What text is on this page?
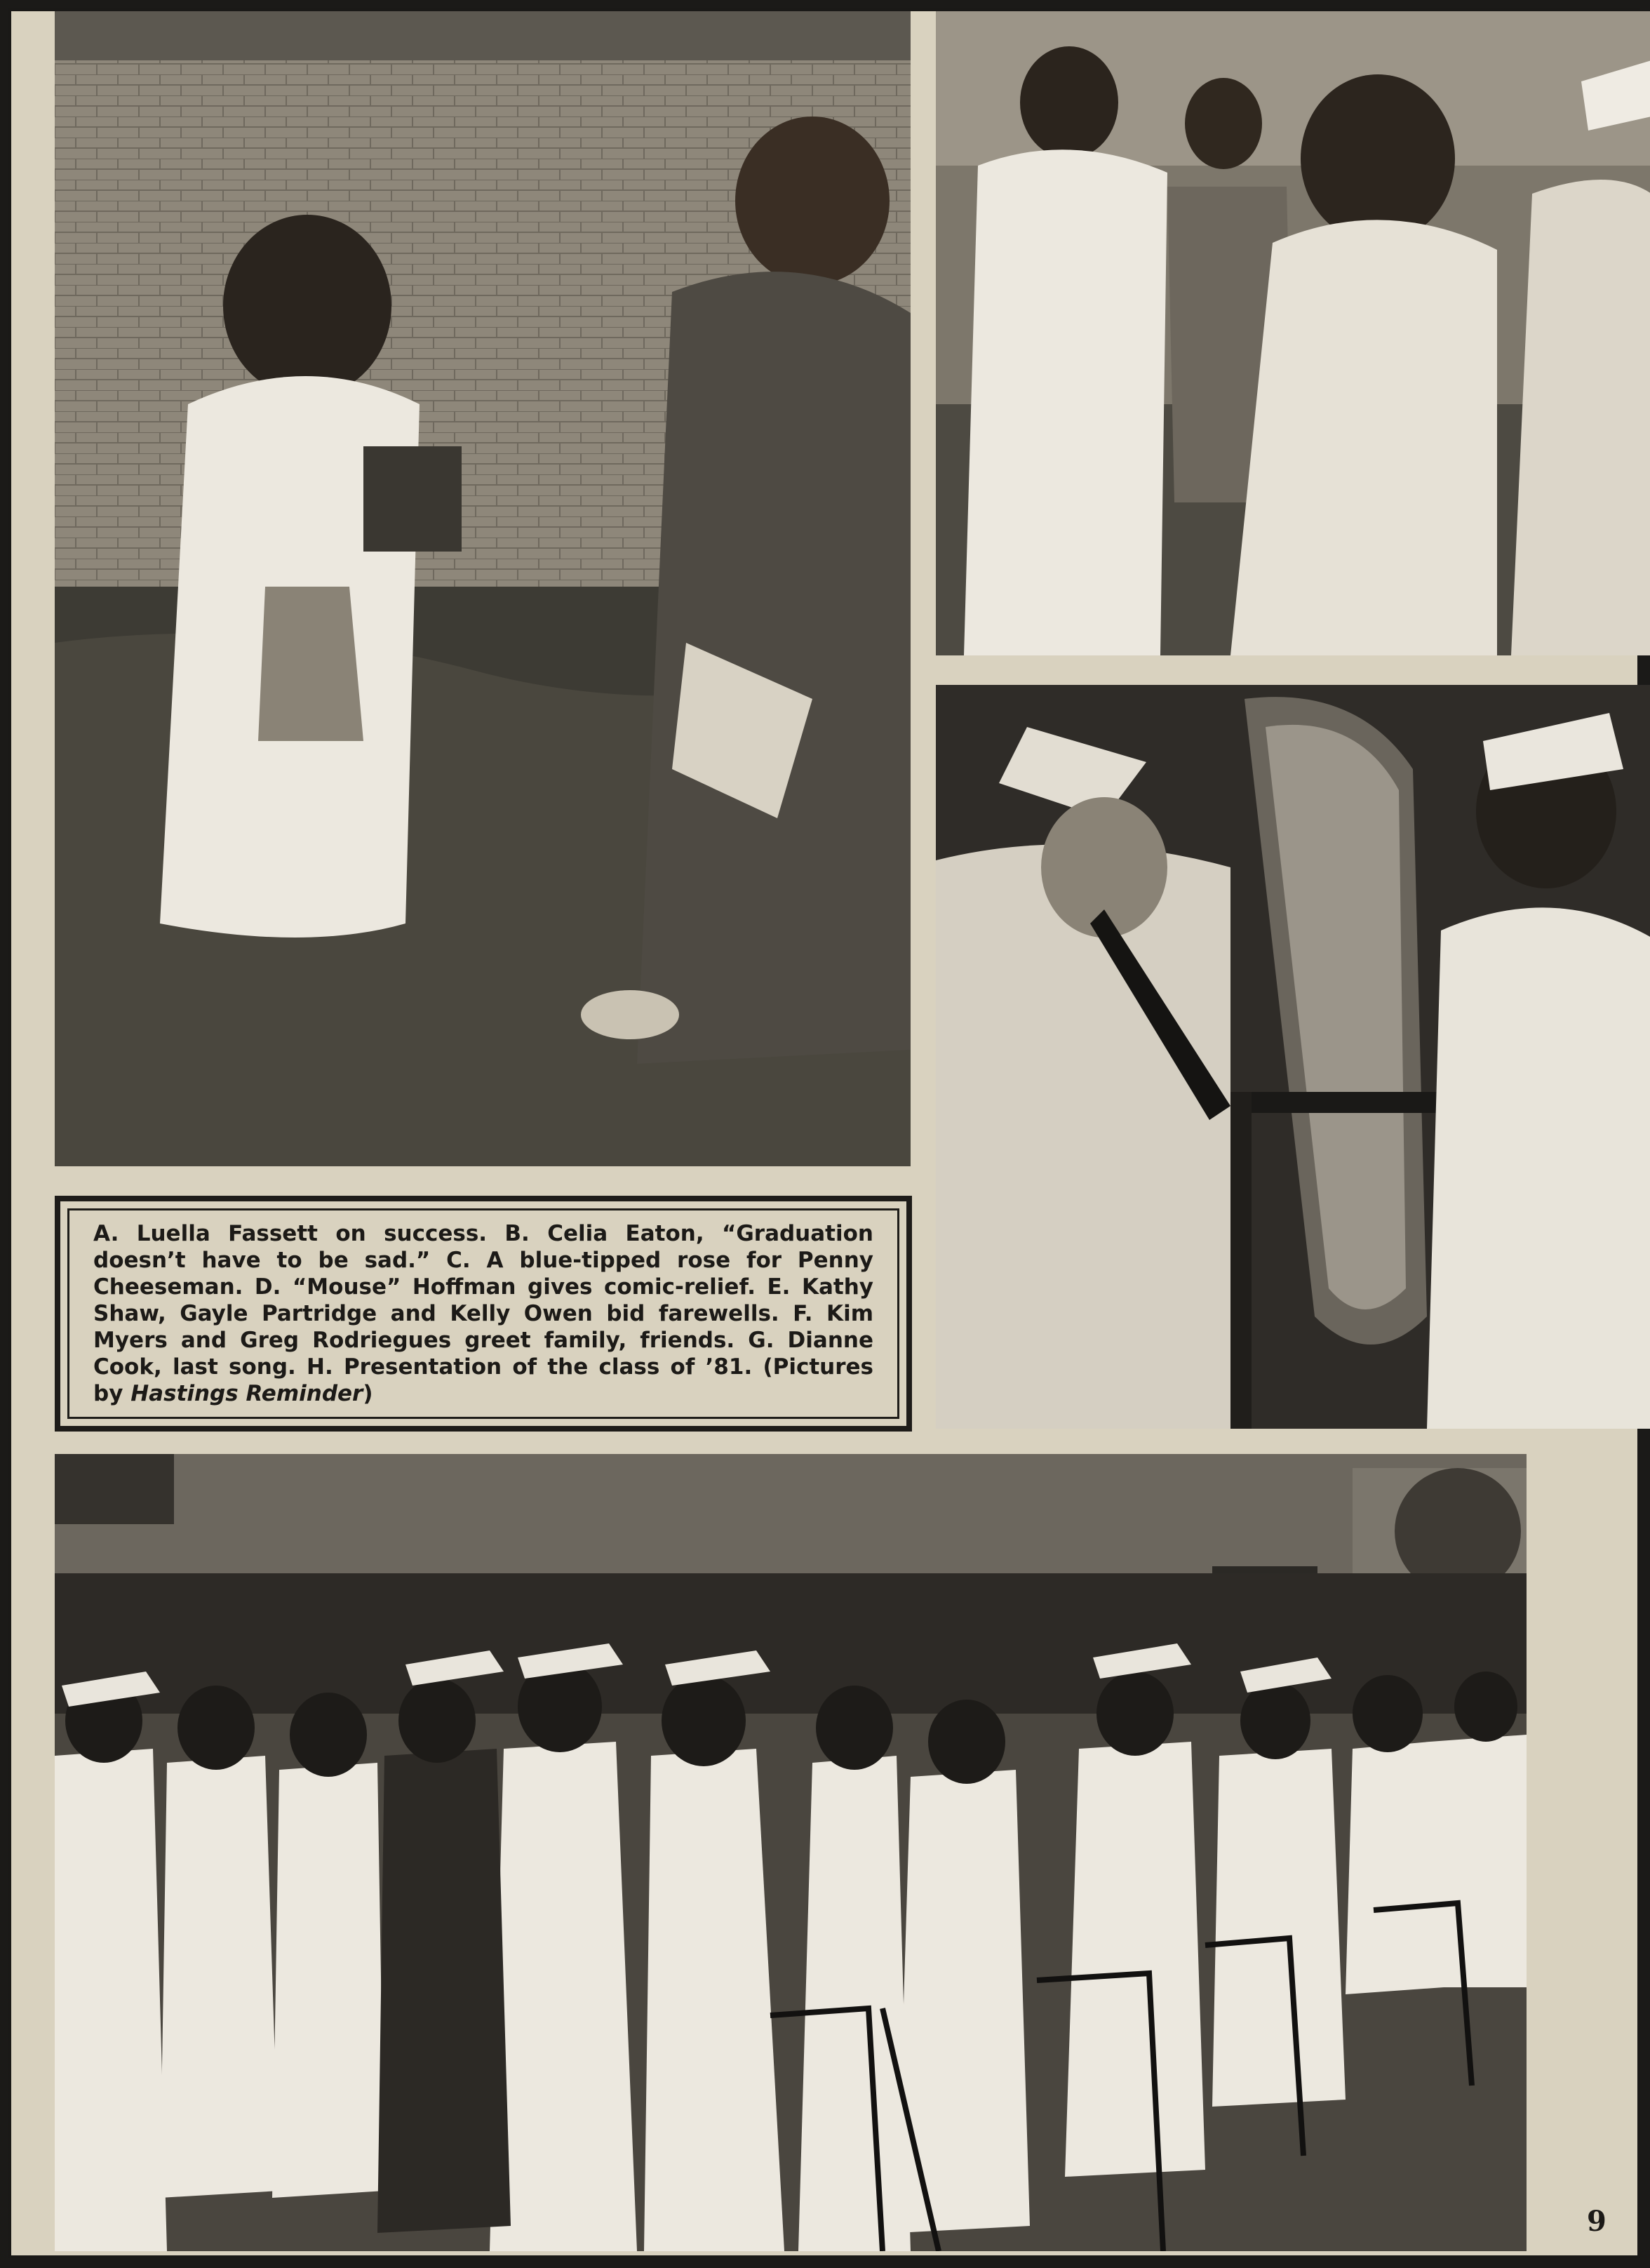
A. Luella Fassett on success. B. Celia Eaton, “Graduation doesn’t have to be sad.” C. A blue-tipped rose for Penny Cheeseman. D. “Mouse” Hoffman gives comic-relief. E. Kathy Shaw, Gayle Partridge and Kelly Owen bid farewells. F. Kim Myers and Greg Rodriegues greet family, friends. G. Dianne Cook, last song. H. Presentation of the class of ’81. (Pictures by Hastings Reminder)

9
